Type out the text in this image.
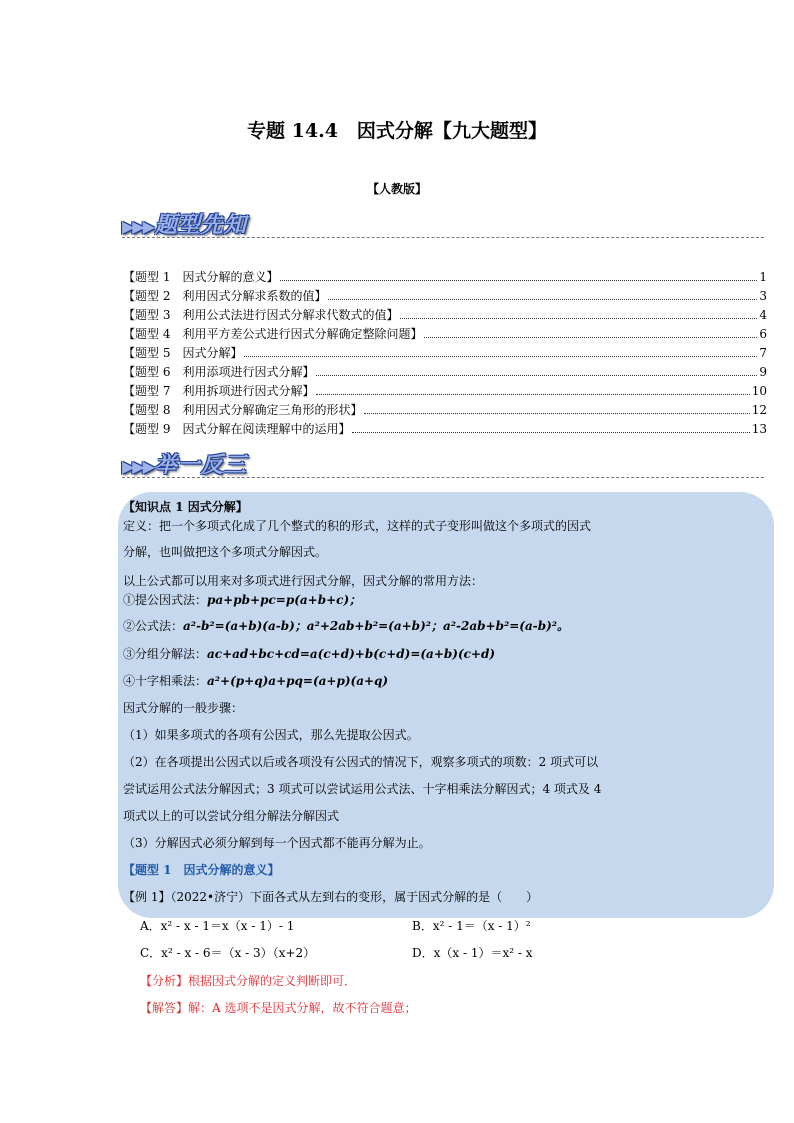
专题 14.4　因式分解【九大题型】
【人教版】
▶▶▶题型先知
【题型 1　因式分解的意义】	1
【题型 2　利用因式分解求系数的值】	3
【题型 3　利用公式法进行因式分解求代数式的值】	4
【题型 4　利用平方差公式进行因式分解确定整除问题】	6
【题型 5　因式分解】	7
【题型 6　利用添项进行因式分解】	9
【题型 7　利用拆项进行因式分解】	10
【题型 8　利用因式分解确定三角形的形状】	12
【题型 9　因式分解在阅读理解中的运用】	13
▶▶▶举一反三
【知识点 1 因式分解】
定义：把一个多项式化成了几个整式的积的形式，这样的式子变形叫做这个多项式的因式
分解，也叫做把这个多项式分解因式。
以上公式都可以用来对多项式进行因式分解，因式分解的常用方法：
①提公因式法：pa+pb+pc=p(a+b+c)；
②公式法：a²-b²=(a+b)(a-b)；a²+2ab+b²=(a+b)²；a²-2ab+b²=(a-b)²。
③分组分解法：ac+ad+bc+cd=a(c+d)+b(c+d)=(a+b)(c+d)
④十字相乘法：a²+(p+q)a+pq=(a+p)(a+q)
因式分解的一般步骤：
（1）如果多项式的各项有公因式，那么先提取公因式。
（2）在各项提出公因式以后或各项没有公因式的情况下，观察多项式的项数：2 项式可以
尝试运用公式法分解因式；3 项式可以尝试运用公式法、十字相乘法分解因式；4 项式及 4
项式以上的可以尝试分组分解法分解因式
（3）分解因式必须分解到每一个因式都不能再分解为止。
【题型 1　因式分解的意义】
【例 1】（2022•济宁）下面各式从左到右的变形，属于因式分解的是（　　）
A．x² - x - 1＝x（x - 1）- 1	B．x² - 1＝（x - 1）²
C．x² - x - 6＝（x - 3）（x+2）	D．x（x - 1）＝x² - x
【分析】根据因式分解的定义判断即可．
【解答】解：A 选项不是因式分解，故不符合题意；
